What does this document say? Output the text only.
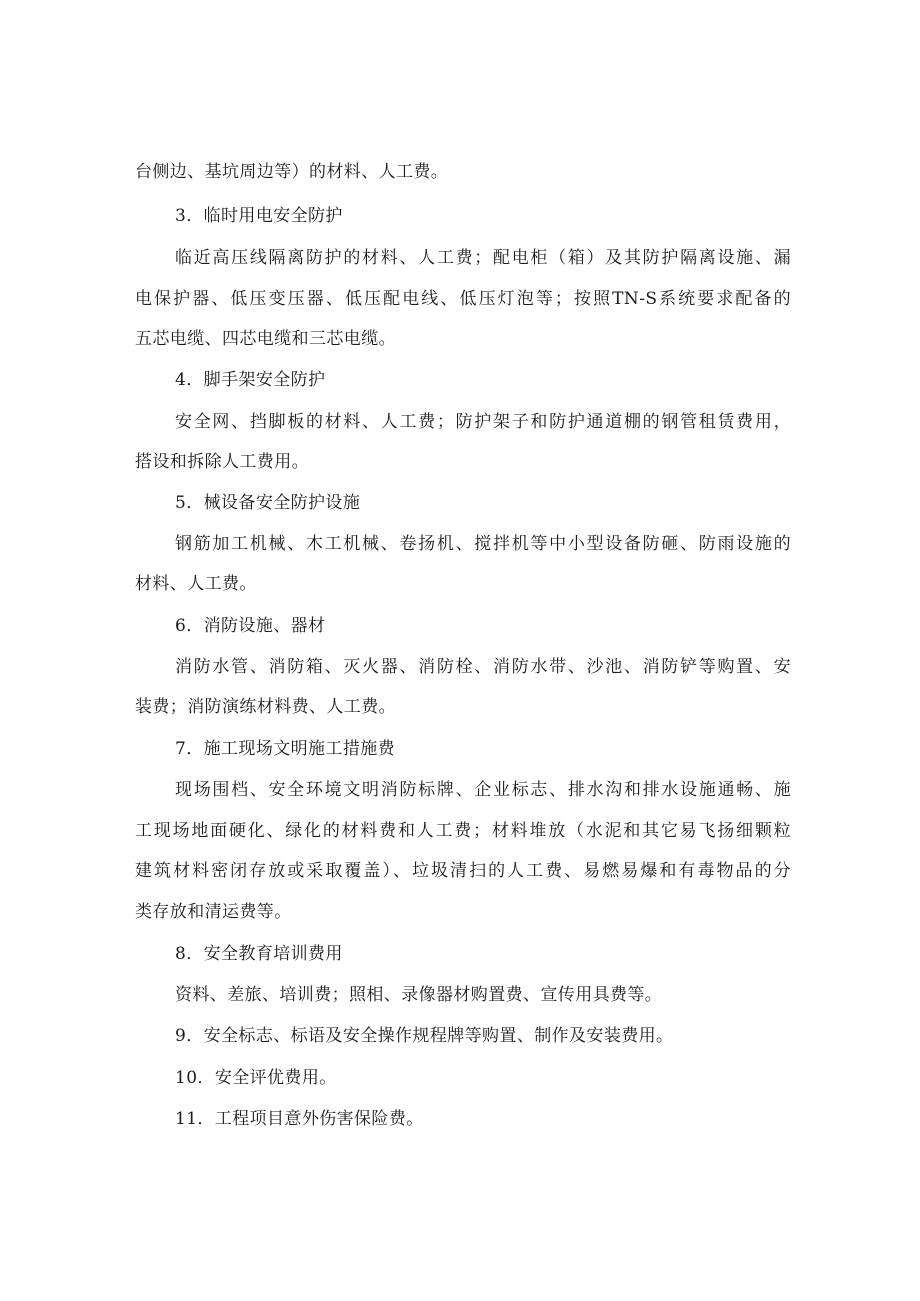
台侧边、基坑周边等）的材料、人工费。
3．临时用电安全防护
临近高压线隔离防护的材料、人工费；配电柜（箱）及其防护隔离设施、漏
电保护器、低压变压器、低压配电线、低压灯泡等；按照TN-S系统要求配备的
五芯电缆、四芯电缆和三芯电缆。
4．脚手架安全防护
安全网、挡脚板的材料、人工费；防护架子和防护通道棚的钢管租赁费用，
搭设和拆除人工费用。
5．械设备安全防护设施
钢筋加工机械、木工机械、卷扬机、搅拌机等中小型设备防砸、防雨设施的
材料、人工费。
6．消防设施、器材
消防水管、消防箱、灭火器、消防栓、消防水带、沙池、消防铲等购置、安
装费；消防演练材料费、人工费。
7．施工现场文明施工措施费
现场围档、安全环境文明消防标牌、企业标志、排水沟和排水设施通畅、施
工现场地面硬化、绿化的材料费和人工费；材料堆放（水泥和其它易飞扬细颗粒
建筑材料密闭存放或采取覆盖）、垃圾清扫的人工费、易燃易爆和有毒物品的分
类存放和清运费等。
8．安全教育培训费用
资料、差旅、培训费；照相、录像器材购置费、宣传用具费等。
9．安全标志、标语及安全操作规程牌等购置、制作及安装费用。
10．安全评优费用。
11．工程项目意外伤害保险费。
